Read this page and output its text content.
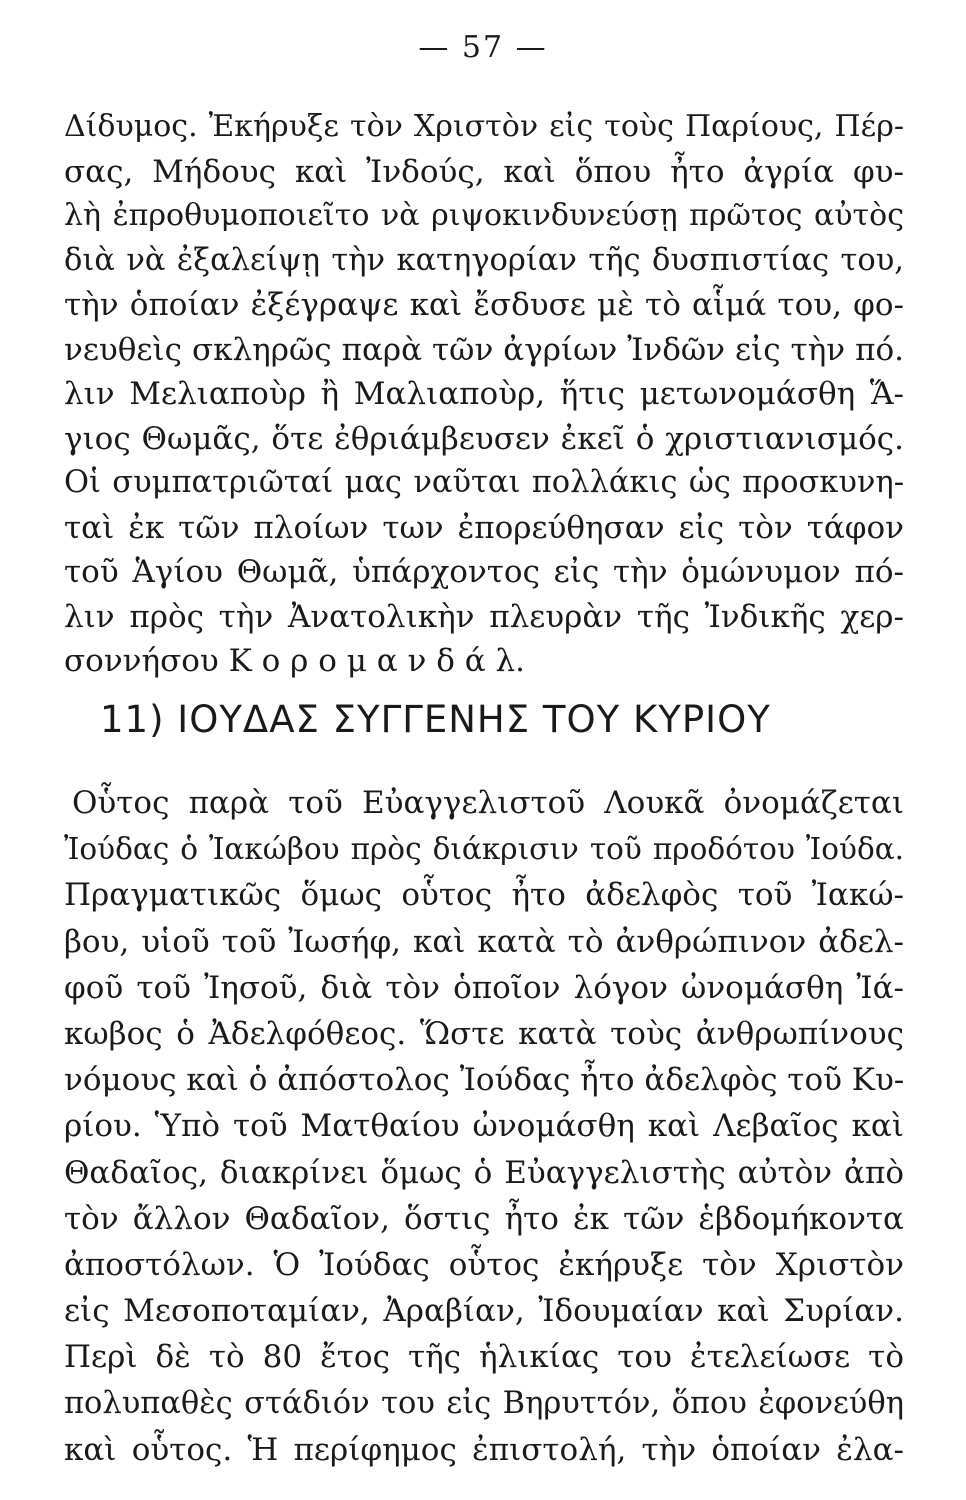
— 57 —
Δίδυμος. Ἐκήρυξε τὸν Χριστὸν εἰς τοὺς Παρίους, Πέρ-
σας, Μήδους καὶ Ἰνδούς, καὶ ὅπου ἦτο ἀγρία φυ-
λὴ ἐπροθυμοποιεῖτο νὰ ριψοκινδυνεύσῃ πρῶτος αὐτὸς
διὰ νὰ ἐξαλείψῃ τὴν κατηγορίαν τῆς δυσπιστίας του,
τὴν ὁποίαν ἐξέγραψε καὶ ἔσδυσε μὲ τὸ αἷμά του, φο-
νευθεὶς σκληρῶς παρὰ τῶν ἀγρίων Ἰνδῶν εἰς τὴν πό.
λιν Μελιαποὺρ ἢ Μαλιαποὺρ, ἥτις μετωνομάσθη Ἅ-
γιος Θωμᾶς, ὅτε ἐθριάμβευσεν ἐκεῖ ὁ χριστιανισμός.
Οἱ συμπατριῶταί μας ναῦται πολλάκις ὡς προσκυνη-
ταὶ ἐκ τῶν πλοίων των ἐπορεύθησαν εἰς τὸν τάφον
τοῦ Ἁγίου Θωμᾶ, ὑπάρχοντος εἰς τὴν ὁμώνυμον πό-
λιν πρὸς τὴν Ἀνατολικὴν πλευρὰν τῆς Ἰνδικῆς χερ-
σοννήσου Κ ο ρ ο μ α ν δ ά λ.
11) ΙΟΥΔΑΣ ΣΥΓΓΕΝΗΣ ΤΟΥ ΚΥΡΙΟΥ
Οὗτος παρὰ τοῦ Εὐαγγελιστοῦ Λουκᾶ ὀνομάζεται
Ἰούδας ὁ Ἰακώβου πρὸς διάκρισιν τοῦ προδότου Ἰούδα.
Πραγματικῶς ὅμως οὗτος ἦτο ἀδελφὸς τοῦ Ἰακώ-
βου, υἱοῦ τοῦ Ἰωσήφ, καὶ κατὰ τὸ ἀνθρώπινον ἀδελ-
φοῦ τοῦ Ἰησοῦ, διὰ τὸν ὁποῖον λόγον ὠνομάσθη Ἰά-
κωβος ὁ Ἀδελφόθεος. Ὥστε κατὰ τοὺς ἀνθρωπίνους
νόμους καὶ ὁ ἀπόστολος Ἰούδας ἦτο ἀδελφὸς τοῦ Κυ-
ρίου. Ὑπὸ τοῦ Ματθαίου ὠνομάσθη καὶ Λεβαῖος καὶ
Θαδαῖος, διακρίνει ὅμως ὁ Εὐαγγελιστὴς αὐτὸν ἀπὸ
τὸν ἄλλον Θαδαῖον, ὅστις ἦτο ἐκ τῶν ἑβδομήκοντα
ἀποστόλων. Ὁ Ἰούδας οὗτος ἐκήρυξε τὸν Χριστὸν
εἰς Μεσοποταμίαν, Ἀραβίαν, Ἰδουμαίαν καὶ Συρίαν.
Περὶ δὲ τὸ 80 ἔτος τῆς ἡλικίας του ἐτελείωσε τὸ
πολυπαθὲς στάδιόν του εἰς Βηρυττόν, ὅπου ἐφονεύθη
καὶ οὗτος. Ἡ περίφημος ἐπιστολή, τὴν ὁποίαν ἐλα-
